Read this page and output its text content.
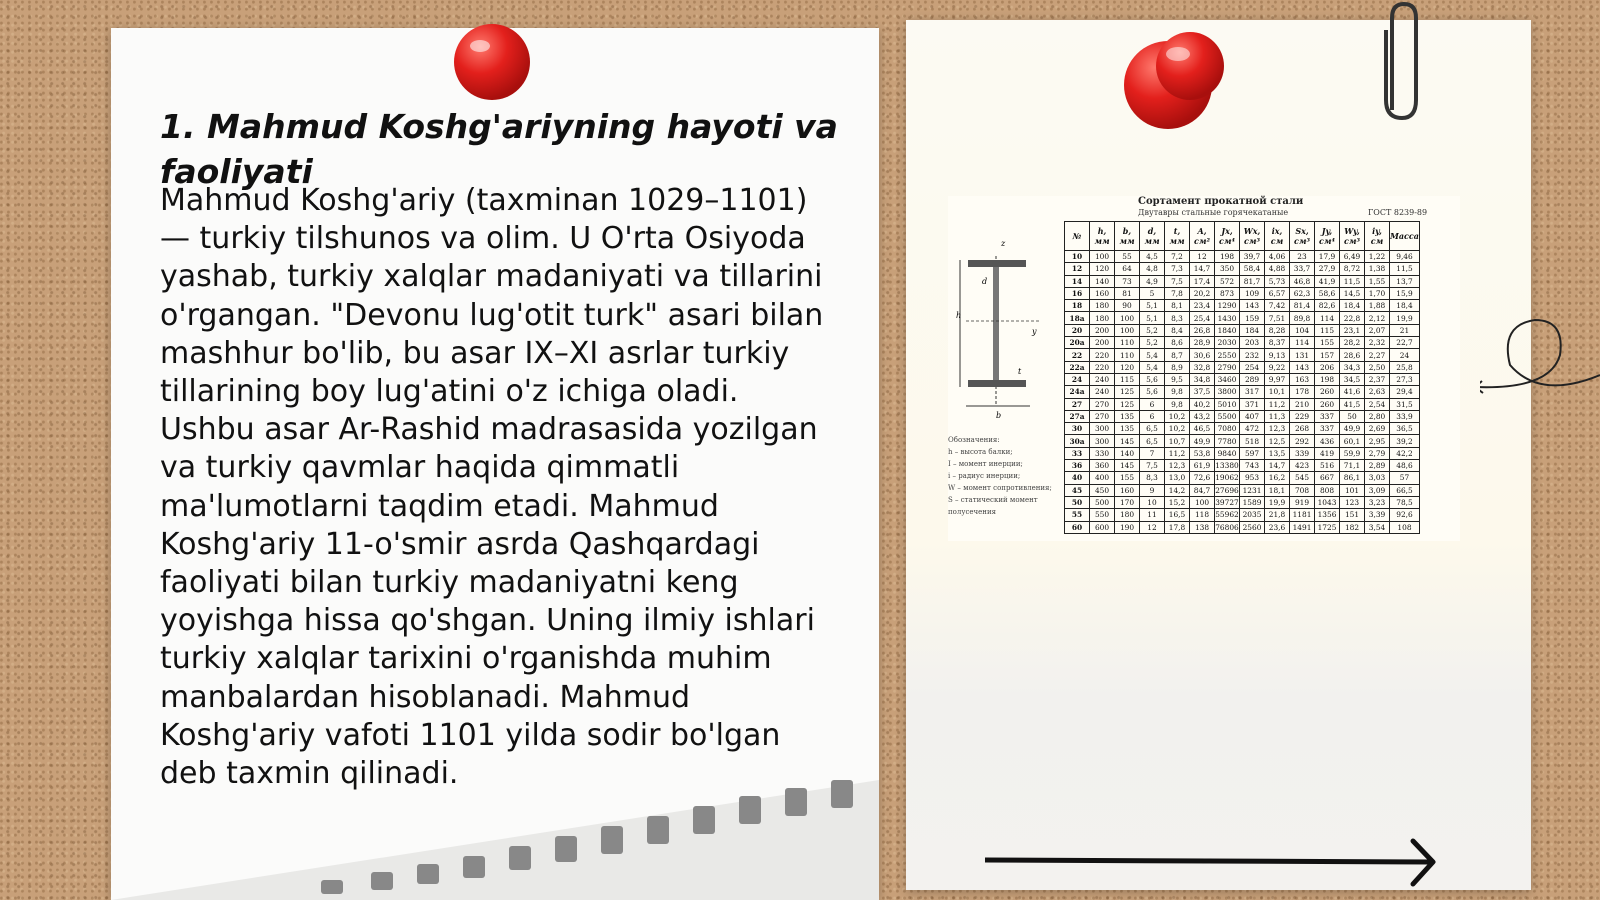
1. Mahmud Koshg'ariyning hayoti va faoliyati

Mahmud Koshg'ariy (taxminan 1029–1101) — turkiy tilshunos va olim. U O'rta Osiyoda yashab, turkiy xalqlar madaniyati va tillarini o'rgangan. "Devonu lug'otit turk" asari bilan mashhur bo'lib, bu asar IX–XI asrlar turkiy tillarining boy lug'atini o'z ichiga oladi. Ushbu asar Ar-Rashid madrasasida yozilgan va turkiy qavmlar haqida qimmatli ma'lumotlarni taqdim etadi. Mahmud Koshg'ariy 11-o'smir asrda Qashqardagi faoliyati bilan turkiy madaniyatni keng yoyishga hissa qo'shgan. Uning ilmiy ishlari turkiy xalqlar tarixini o'rganishda muhim manbalardan hisoblanadi. Mahmud Koshg'ariy vafoti 1101 yilda sodir bo'lgan deb taxmin qilinadi.

Сортамент прокатной стали
Двутавры стальные горячекатаные	ГОСТ 8239-89
h
b
d
t
y
z
Обозначения:
h – высота балки;
I – момент инерции;
i – радиус инерции;
W – момент сопротивления;
S – статический момент полусечения
№	h, мм	b, мм	d, мм	t, мм	A, см²	Jx, см⁴	Wx, см³	ix, см	Sx, см³	Jy, см⁴	Wy, см³	iy, см	Масса
10	100	55	4,5	7,2	12	198	39,7	4,06	23	17,9	6,49	1,22	9,46
12	120	64	4,8	7,3	14,7	350	58,4	4,88	33,7	27,9	8,72	1,38	11,5
14	140	73	4,9	7,5	17,4	572	81,7	5,73	46,8	41,9	11,5	1,55	13,7
16	160	81	5	7,8	20,2	873	109	6,57	62,3	58,6	14,5	1,70	15,9
18	180	90	5,1	8,1	23,4	1290	143	7,42	81,4	82,6	18,4	1,88	18,4
18a	180	100	5,1	8,3	25,4	1430	159	7,51	89,8	114	22,8	2,12	19,9
20	200	100	5,2	8,4	26,8	1840	184	8,28	104	115	23,1	2,07	21
20a	200	110	5,2	8,6	28,9	2030	203	8,37	114	155	28,2	2,32	22,7
22	220	110	5,4	8,7	30,6	2550	232	9,13	131	157	28,6	2,27	24
22a	220	120	5,4	8,9	32,8	2790	254	9,22	143	206	34,3	2,50	25,8
24	240	115	5,6	9,5	34,8	3460	289	9,97	163	198	34,5	2,37	27,3
24a	240	125	5,6	9,8	37,5	3800	317	10,1	178	260	41,6	2,63	29,4
27	270	125	6	9,8	40,2	5010	371	11,2	210	260	41,5	2,54	31,5
27a	270	135	6	10,2	43,2	5500	407	11,3	229	337	50	2,80	33,9
30	300	135	6,5	10,2	46,5	7080	472	12,3	268	337	49,9	2,69	36,5
30a	300	145	6,5	10,7	49,9	7780	518	12,5	292	436	60,1	2,95	39,2
33	330	140	7	11,2	53,8	9840	597	13,5	339	419	59,9	2,79	42,2
36	360	145	7,5	12,3	61,9	13380	743	14,7	423	516	71,1	2,89	48,6
40	400	155	8,3	13,0	72,6	19062	953	16,2	545	667	86,1	3,03	57
45	450	160	9	14,2	84,7	27696	1231	18,1	708	808	101	3,09	66,5
50	500	170	10	15,2	100	39727	1589	19,9	919	1043	123	3,23	78,5
55	550	180	11	16,5	118	55962	2035	21,8	1181	1356	151	3,39	92,6
60	600	190	12	17,8	138	76806	2560	23,6	1491	1725	182	3,54	108
